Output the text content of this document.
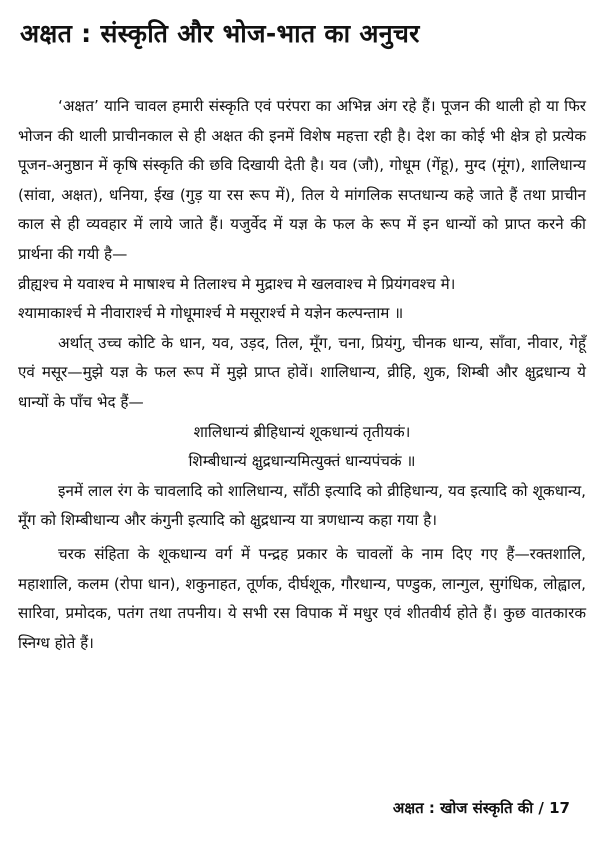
अक्षत : संस्कृति और भोज-भात का अनुचर

‘अक्षत’ यानि चावल हमारी संस्कृति एवं परंपरा का अभिन्न अंग रहे हैं। पूजन की थाली हो या फिर भोजन की थाली प्राचीनकाल से ही अक्षत की इनमें विशेष महत्ता रही है। देश का कोई भी क्षेत्र हो प्रत्येक पूजन-अनुष्ठान में कृषि संस्कृति की छवि दिखायी देती है। यव (जौ), गोधूम (गेंहू), मुग्द (मूंग), शालिधान्य (सांवा, अक्षत), धनिया, ईख (गुड़ या रस रूप में), तिल ये मांगलिक सप्तधान्य कहे जाते हैं तथा प्राचीन काल से ही व्यवहार में लाये जाते हैं। यजुर्वेद में यज्ञ के फल के रूप में इन धान्यों को प्राप्त करने की प्रार्थना की गयी है—

व्रीह्यश्च मे यवाश्च मे माषाश्च मे तिलाश्च मे मुद्राश्च मे खलवाश्च मे प्रियंगवश्च मे।

श्यामाकार्श्च मे नीवारार्श्च मे गोधूमार्श्च मे मसूरार्श्च मे यज्ञेन कल्पन्ताम ॥

अर्थात् उच्च कोटि के धान, यव, उड़द, तिल, मूँग, चना, प्रियंगु, चीनक धान्य, साँवा, नीवार, गेहूँ एवं मसूर—मुझे यज्ञ के फल रूप में मुझे प्राप्त होवें। शालिधान्य, व्रीहि, शुक, शिम्बी और क्षुद्रधान्य ये धान्यों के पाँच भेद हैं—

शालिधान्यं ब्रीहिधान्यं शूकधान्यं तृतीयकं।

शिम्बीधान्यं क्षुद्रधान्यमित्युक्तं धान्यपंचकं ॥

इनमें लाल रंग के चावलादि को शालिधान्य, साँठी इत्यादि को व्रीहिधान्य, यव इत्यादि को शूकधान्य, मूँग को शिम्बीधान्य और कंगुनी इत्यादि को क्षुद्रधान्य या त्रणधान्य कहा गया है।

चरक संहिता के शूकधान्य वर्ग में पन्द्रह प्रकार के चावलों के नाम दिए गए हैं—रक्तशालि, महाशालि, कलम (रोपा धान), शकुनाहत, तूर्णक, दीर्घशूक, गौरधान्य, पण्डुक, लान्गुल, सुगंधिक, लोह्वाल, सारिवा, प्रमोदक, पतंग तथा तपनीय। ये सभी रस विपाक में मधुर एवं शीतवीर्य होते हैं। कुछ वातकारक स्निग्ध होते हैं।

अक्षत : खोज संस्कृति की / 17
